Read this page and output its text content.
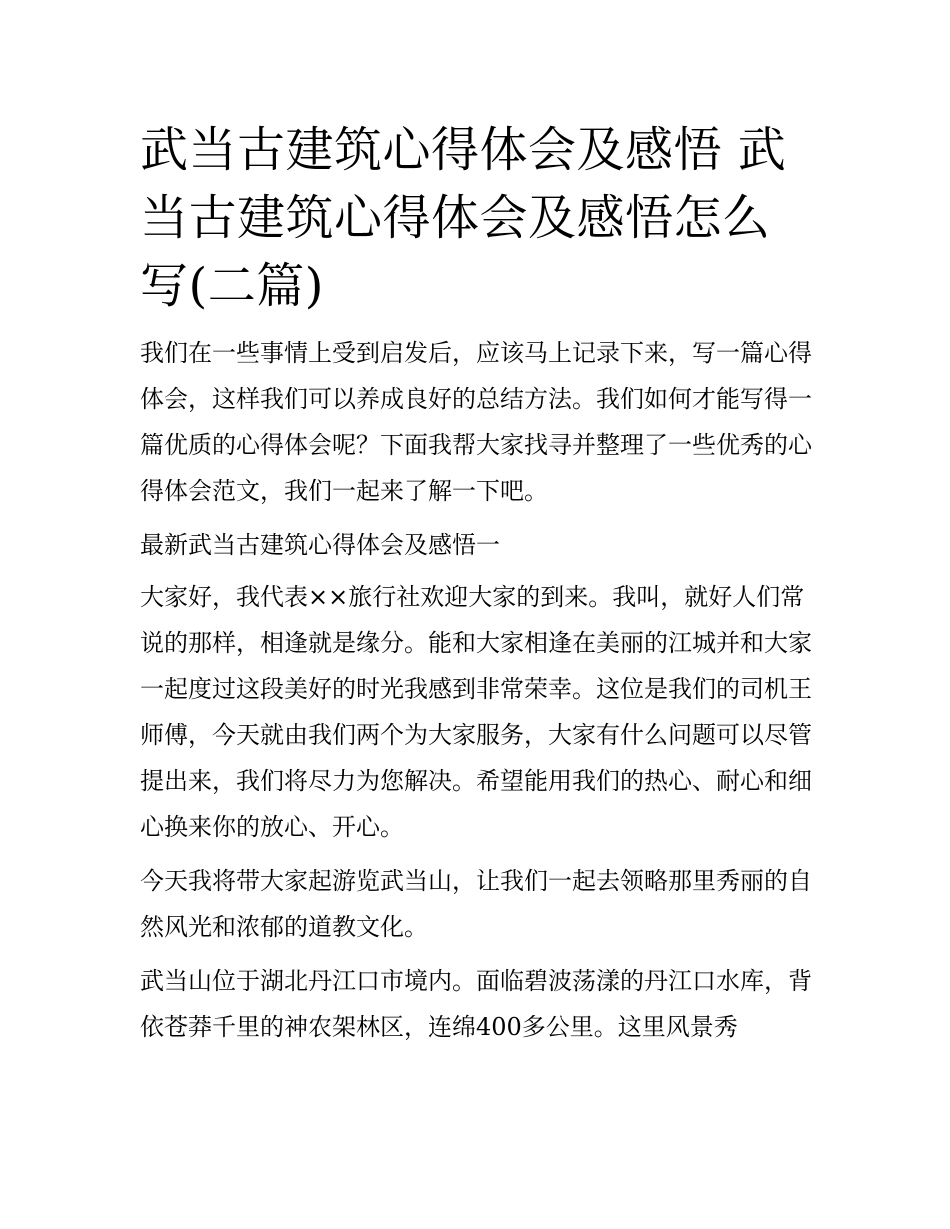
武当古建筑心得体会及感悟 武当古建筑心得体会及感悟怎么写(二篇)

我们在一些事情上受到启发后，应该马上记录下来，写一篇心得体会，这样我们可以养成良好的总结方法。我们如何才能写得一篇优质的心得体会呢？下面我帮大家找寻并整理了一些优秀的心得体会范文，我们一起来了解一下吧。

最新武当古建筑心得体会及感悟一

大家好，我代表××旅行社欢迎大家的到来。我叫，就好人们常说的那样，相逢就是缘分。能和大家相逢在美丽的江城并和大家一起度过这段美好的时光我感到非常荣幸。这位是我们的司机王师傅，今天就由我们两个为大家服务，大家有什么问题可以尽管提出来，我们将尽力为您解决。希望能用我们的热心、耐心和细心换来你的放心、开心。

今天我将带大家起游览武当山，让我们一起去领略那里秀丽的自然风光和浓郁的道教文化。

武当山位于湖北丹江口市境内。面临碧波荡漾的丹江口水库，背依苍莽千里的神农架林区，连绵400多公里。这里风景秀
